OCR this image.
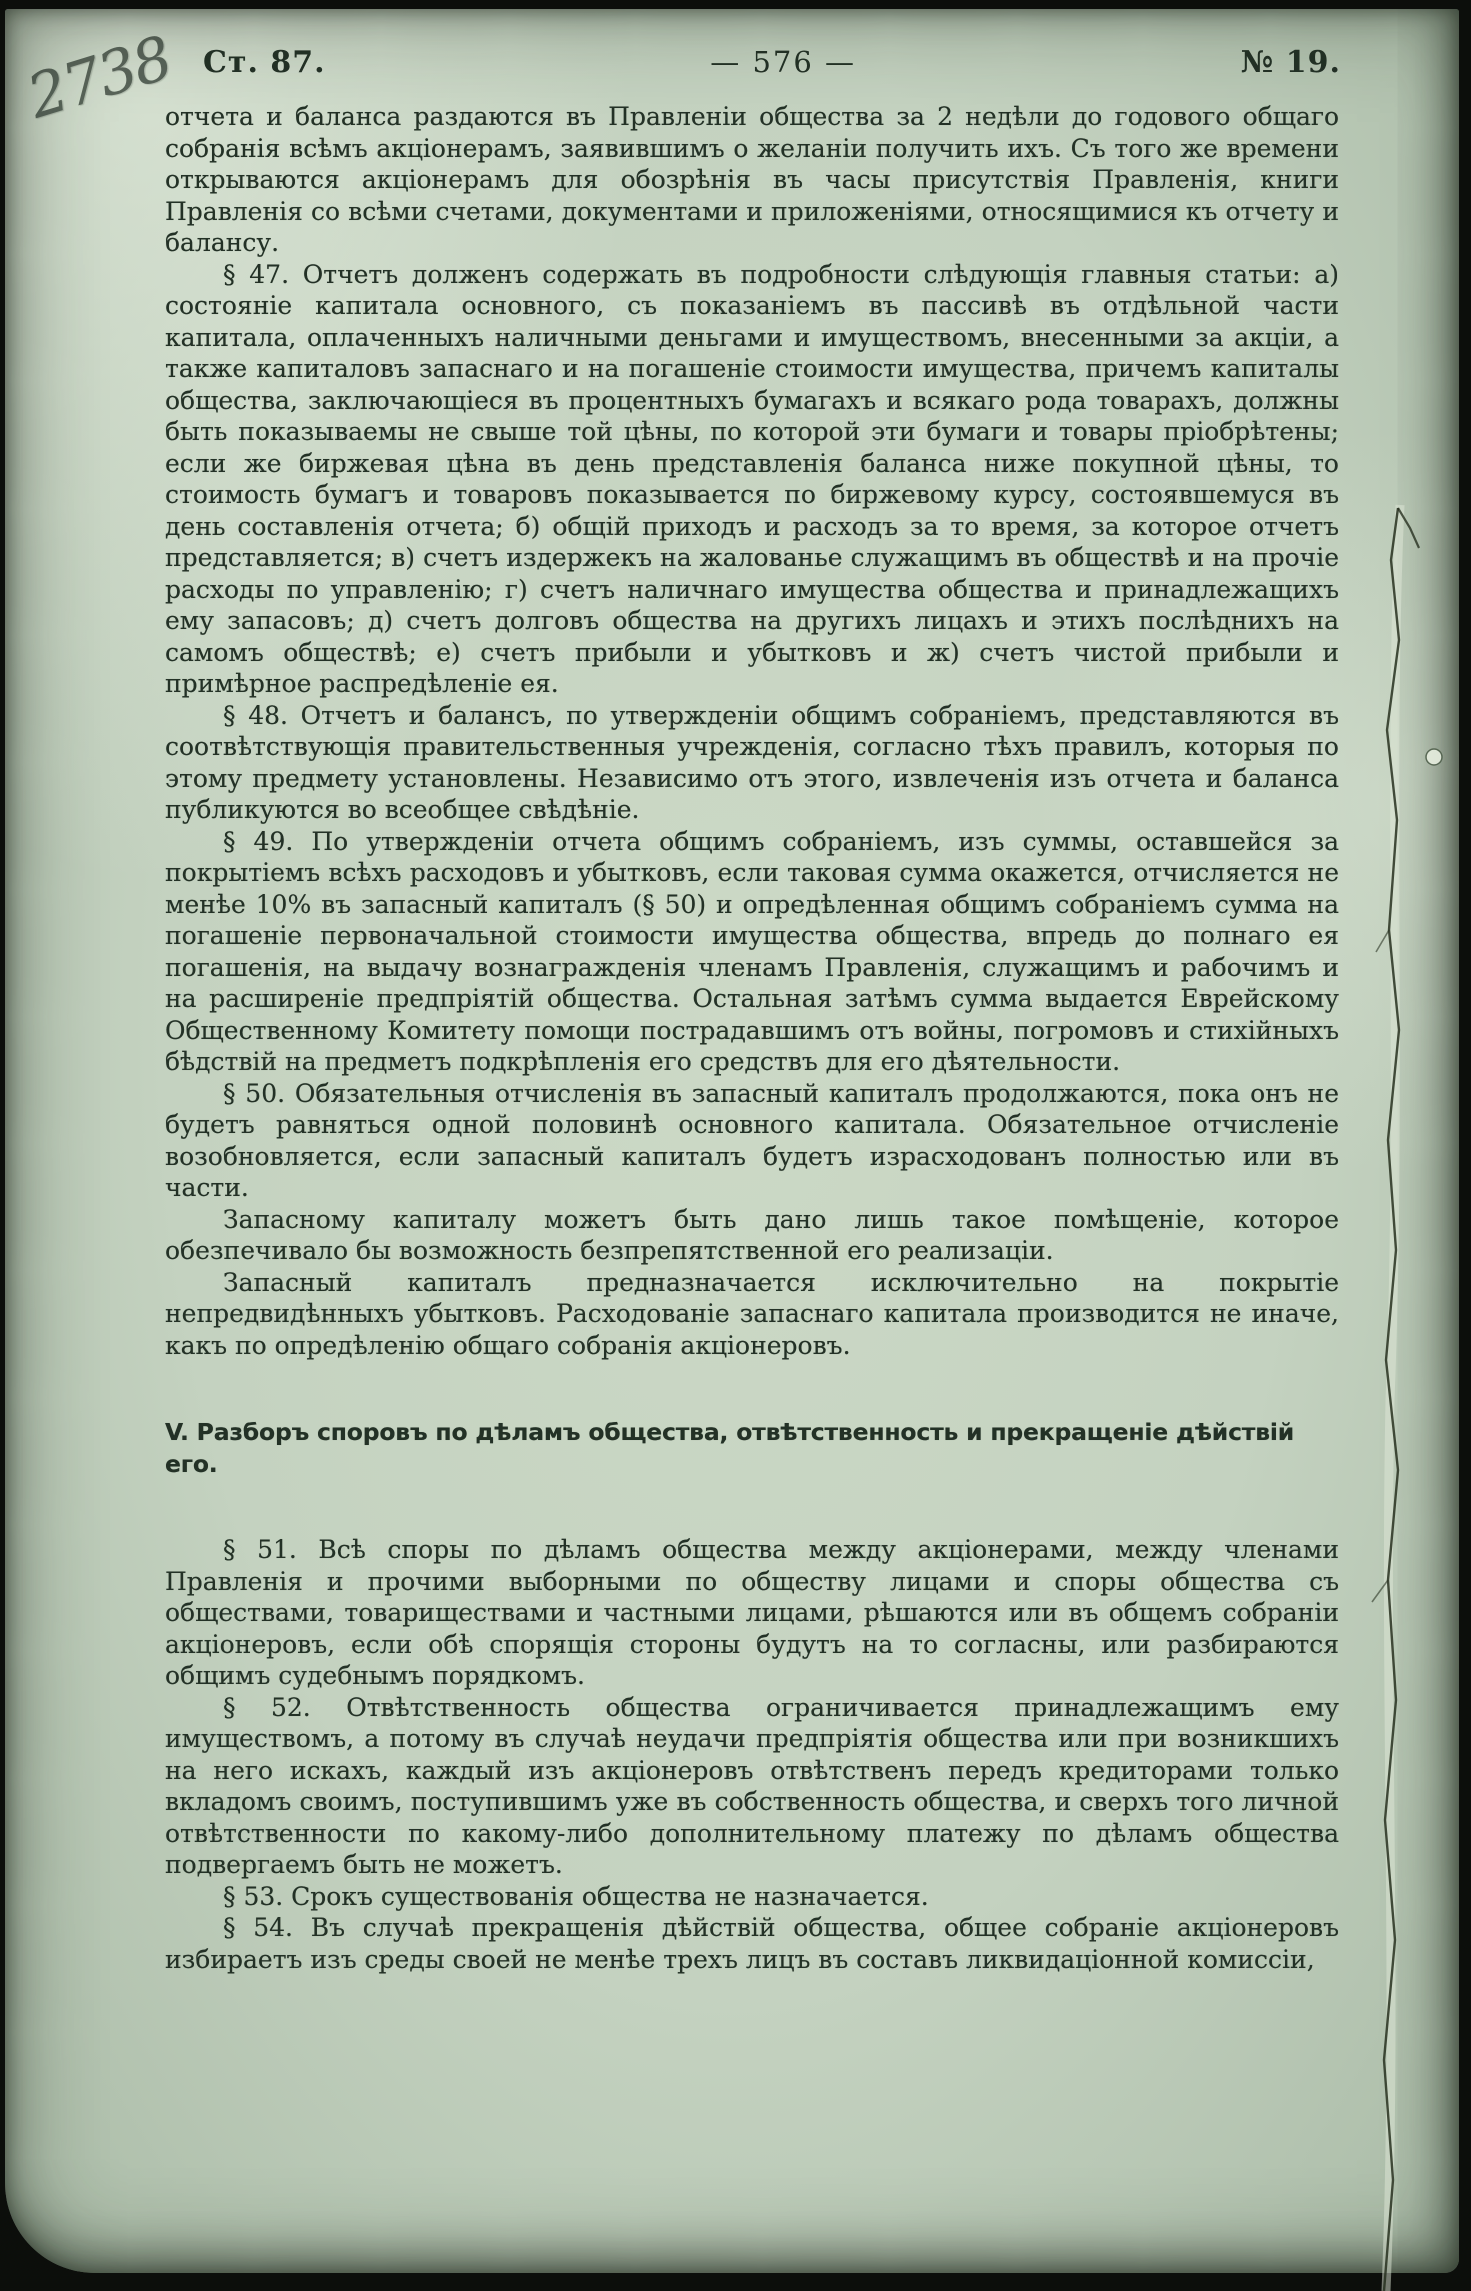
Ст. 87.	— 576 —	№ 19.
2738

отчета и баланса раздаются въ Правленіи общества за 2 недѣли до годового общаго собранія всѣмъ акціонерамъ, заявившимъ о желаніи получить ихъ. Съ того же времени открываются акціонерамъ для обозрѣнія въ часы присутствія Правленія, книги Правленія со всѣми счетами, документами и приложеніями, относящимися къ отчету и балансу.

§ 47. Отчетъ долженъ содержать въ подробности слѣдующія главныя статьи: а) состояніе капитала основного, съ показаніемъ въ пассивѣ въ отдѣльной части капитала, оплаченныхъ наличными деньгами и имуществомъ, внесенными за акціи, а также капиталовъ запаснаго и на погашеніе стоимости имущества, причемъ капиталы общества, заключающіеся въ процентныхъ бумагахъ и всякаго рода товарахъ, должны быть показываемы не свыше той цѣны, по которой эти бумаги и товары пріобрѣтены; если же биржевая цѣна въ день представленія баланса ниже покупной цѣны, то стоимость бумагъ и товаровъ показывается по биржевому курсу, состоявшемуся въ день составленія отчета; б) общій приходъ и расходъ за то время, за которое отчетъ представляется; в) счетъ издержекъ на жалованье служащимъ въ обществѣ и на прочіе расходы по управленію; г) счетъ наличнаго имущества общества и принадлежащихъ ему запасовъ; д) счетъ долговъ общества на другихъ лицахъ и этихъ послѣднихъ на самомъ обществѣ; е) счетъ прибыли и убытковъ и ж) счетъ чистой прибыли и примѣрное распредѣленіе ея.

§ 48. Отчетъ и балансъ, по утвержденіи общимъ собраніемъ, представляются въ соотвѣтствующія правительственныя учрежденія, согласно тѣхъ правилъ, которыя по этому предмету установлены. Независимо отъ этого, извлеченія изъ отчета и баланса публикуются во всеобщее свѣдѣніе.

§ 49. По утвержденіи отчета общимъ собраніемъ, изъ суммы, оставшейся за покрытіемъ всѣхъ расходовъ и убытковъ, если таковая сумма окажется, отчисляется не менѣе 10% въ запасный капиталъ (§ 50) и опредѣленная общимъ собраніемъ сумма на погашеніе первоначальной стоимости имущества общества, впредь до полнаго ея погашенія, на выдачу вознагражденія членамъ Правленія, служащимъ и рабочимъ и на расширеніе предпріятій общества. Остальная затѣмъ сумма выдается Еврейскому Общественному Комитету помощи пострадавшимъ отъ войны, погромовъ и стихійныхъ бѣдствій на предметъ подкрѣпленія его средствъ для его дѣятельности.

§ 50. Обязательныя отчисленія въ запасный капиталъ продолжаются, пока онъ не будетъ равняться одной половинѣ основного капитала. Обязательное отчисленіе возобновляется, если запасный капиталъ будетъ израсходованъ полностью или въ части.

Запасному капиталу можетъ быть дано лишь такое помѣщеніе, которое обезпечивало бы возможность безпрепятственной его реализаціи.

Запасный капиталъ предназначается исключительно на покрытіе непредвидѣнныхъ убытковъ. Расходованіе запаснаго капитала производится не иначе, какъ по опредѣленію общаго собранія акціонеровъ.

V. Разборъ споровъ по дѣламъ общества, отвѣтственность и прекращеніе дѣйствій его.

§ 51. Всѣ споры по дѣламъ общества между акціонерами, между членами Правленія и прочими выборными по обществу лицами и споры общества съ обществами, товариществами и частными лицами, рѣшаются или въ общемъ собраніи акціонеровъ, если обѣ спорящія стороны будутъ на то согласны, или разбираются общимъ судебнымъ порядкомъ.

§ 52. Отвѣтственность общества ограничивается принадлежащимъ ему имуществомъ, а потому въ случаѣ неудачи предпріятія общества или при возникшихъ на него искахъ, каждый изъ акціонеровъ отвѣтственъ передъ кредиторами только вкладомъ своимъ, поступившимъ уже въ собственность общества, и сверхъ того личной отвѣтственности по какому-либо дополнительному платежу по дѣламъ общества подвергаемъ быть не можетъ.

§ 53. Срокъ существованія общества не назначается.

§ 54. Въ случаѣ прекращенія дѣйствій общества, общее собраніе акціонеровъ избираетъ изъ среды своей не менѣе трехъ лицъ въ составъ ликвидаціонной комиссіи,
